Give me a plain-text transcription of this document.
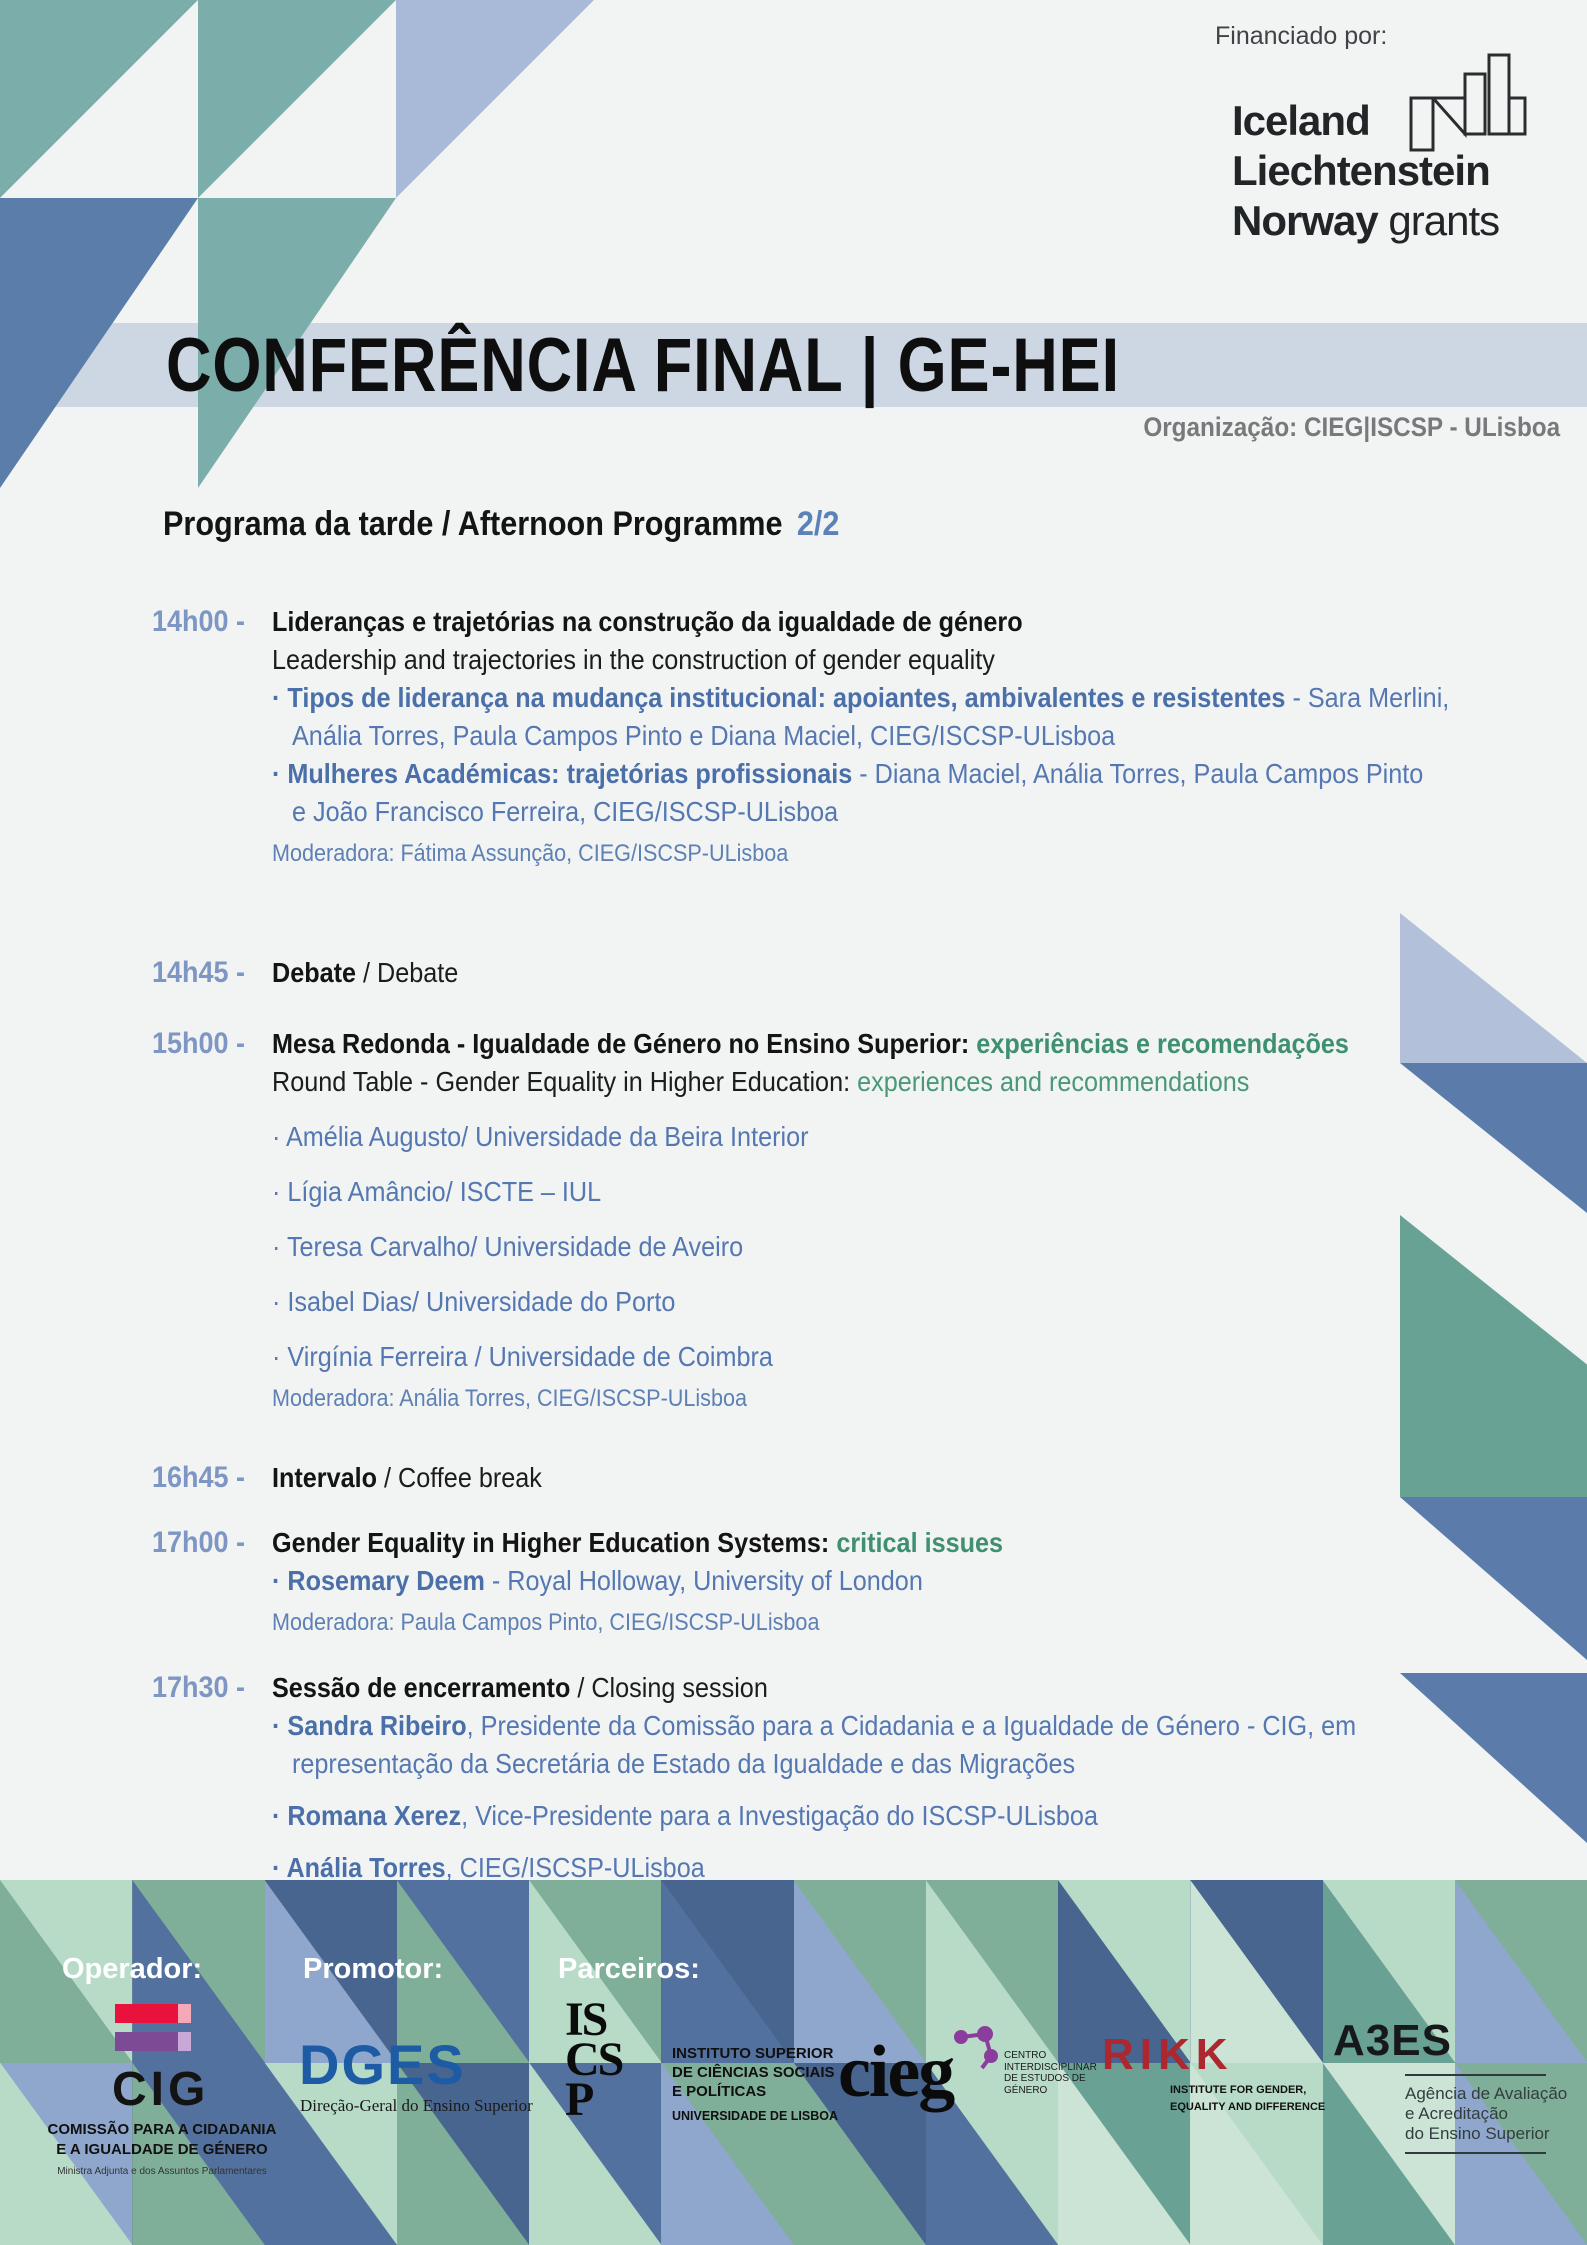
Financiado por:
Iceland
Liechtenstein
Norway grants
CONFERÊNCIA FINAL | GE-HEI
Organização: CIEG|ISCSP - ULisboa
Programa da tarde / Afternoon Programme 2/2
14h00 - Lideranças e trajetórias na construção da igualdade de género
Leadership and trajectories in the construction of gender equality
· Tipos de liderança na mudança institucional: apoiantes, ambivalentes e resistentes - Sara Merlini,
Anália Torres, Paula Campos Pinto e Diana Maciel, CIEG/ISCSP-ULisboa
· Mulheres Académicas: trajetórias profissionais - Diana Maciel, Anália Torres, Paula Campos Pinto
e João Francisco Ferreira, CIEG/ISCSP-ULisboa
Moderadora: Fátima Assunção, CIEG/ISCSP-ULisboa
14h45 - Debate / Debate
15h00 - Mesa Redonda - Igualdade de Género no Ensino Superior: experiências e recomendações
Round Table - Gender Equality in Higher Education: experiences and recommendations
· Amélia Augusto/ Universidade da Beira Interior
· Lígia Amâncio/ ISCTE – IUL
· Teresa Carvalho/ Universidade de Aveiro
· Isabel Dias/ Universidade do Porto
· Virgínia Ferreira / Universidade de Coimbra
Moderadora: Anália Torres, CIEG/ISCSP-ULisboa
16h45 - Intervalo / Coffee break
17h00 - Gender Equality in Higher Education Systems: critical issues
· Rosemary Deem - Royal Holloway, University of London
Moderadora: Paula Campos Pinto, CIEG/ISCSP-ULisboa
17h30 - Sessão de encerramento / Closing session
· Sandra Ribeiro, Presidente da Comissão para a Cidadania e a Igualdade de Género - CIG, em
representação da Secretária de Estado da Igualdade e das Migrações
· Romana Xerez, Vice-Presidente para a Investigação do ISCSP-ULisboa
· Anália Torres, CIEG/ISCSP-ULisboa
Operador:	Promotor:	Parceiros:
CIG
COMISSÃO PARA A CIDADANIA
E A IGUALDADE DE GÉNERO
Ministra Adjunta e dos Assuntos Parlamentares
DGES
Direção-Geral do Ensino Superior
IS
CS
P
INSTITUTO SUPERIOR
DE CIÊNCIAS SOCIAIS
E POLÍTICAS
UNIVERSIDADE DE LISBOA
cieg	CENTRO
INTERDISCIPLINAR
DE ESTUDOS DE
GÉNERO
RIKK
INSTITUTE FOR GENDER,
EQUALITY AND DIFFERENCE
A3ES
Agência de Avaliação
e Acreditação
do Ensino Superior
